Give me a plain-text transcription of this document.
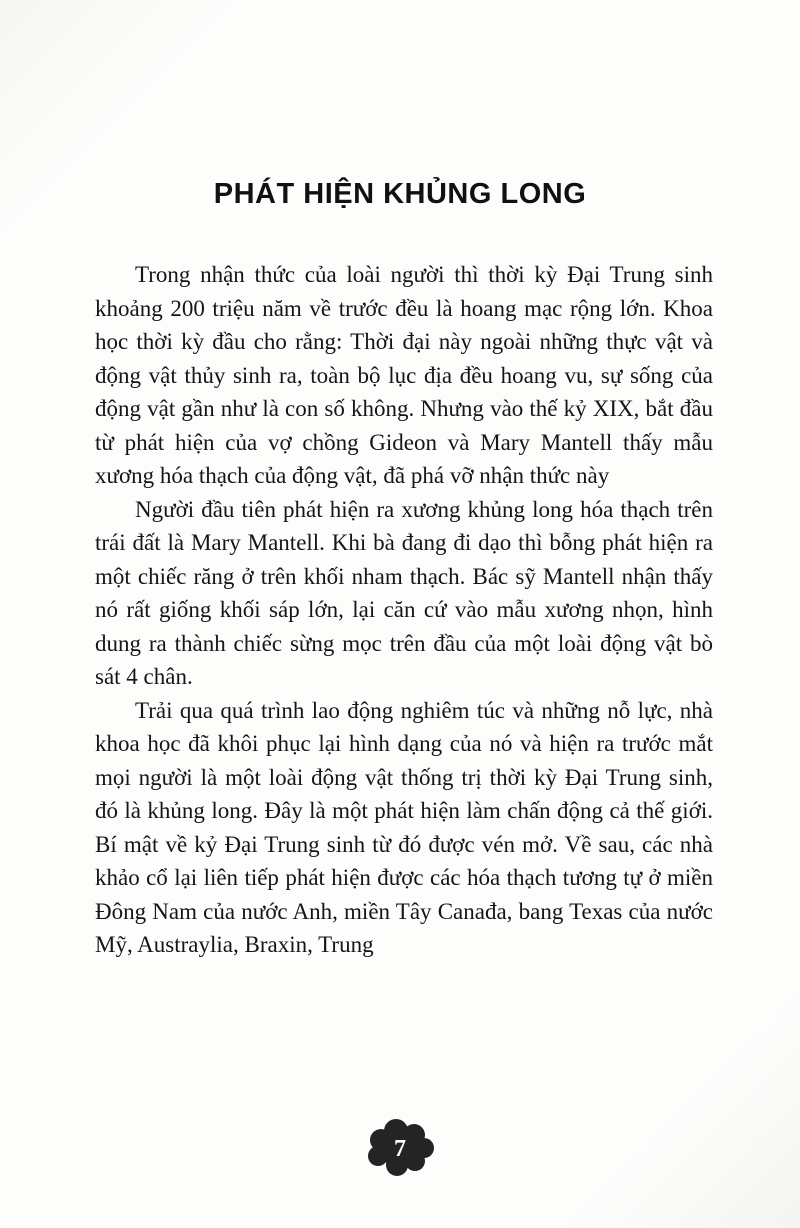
PHÁT HIỆN KHỦNG LONG

Trong nhận thức của loài người thì thời kỳ Đại Trung sinh khoảng 200 triệu năm về trước đều là hoang mạc rộng lớn. Khoa học thời kỳ đầu cho rằng: Thời đại này ngoài những thực vật và động vật thủy sinh ra, toàn bộ lục địa đều hoang vu, sự sống của động vật gần như là con số không. Nhưng vào thế kỷ XIX, bắt đầu từ phát hiện của vợ chồng Gideon và Mary Mantell thấy mẫu xương hóa thạch của động vật, đã phá vỡ nhận thức này

Người đầu tiên phát hiện ra xương khủng long hóa thạch trên trái đất là Mary Mantell. Khi bà đang đi dạo thì bỗng phát hiện ra một chiếc răng ở trên khối nham thạch. Bác sỹ Mantell nhận thấy nó rất giống khối sáp lớn, lại căn cứ vào mẫu xương nhọn, hình dung ra thành chiếc sừng mọc trên đầu của một loài động vật bò sát 4 chân.

Trải qua quá trình lao động nghiêm túc và những nỗ lực, nhà khoa học đã khôi phục lại hình dạng của nó và hiện ra trước mắt mọi người là một loài động vật thống trị thời kỳ Đại Trung sinh, đó là khủng long. Đây là một phát hiện làm chấn động cả thế giới. Bí mật về kỷ Đại Trung sinh từ đó được vén mở. Về sau, các nhà khảo cổ lại liên tiếp phát hiện được các hóa thạch tương tự ở miền Đông Nam của nước Anh, miền Tây Canađa, bang Texas của nước Mỹ, Austraylia, Braxin, Trung

7
